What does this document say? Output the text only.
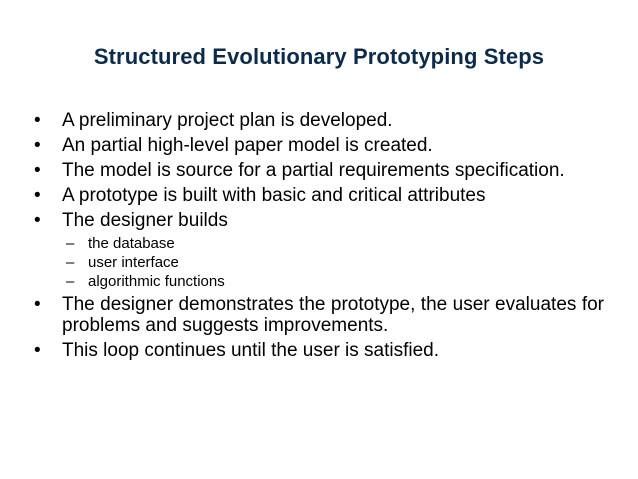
Structured Evolutionary Prototyping Steps
•	A preliminary project plan is developed.
•	An partial high-level paper model is created.
•	The model is source for a partial requirements specification.
•	A prototype is built with basic and critical attributes
•	The designer builds
– the database
– user interface
– algorithmic functions
•	The designer demonstrates the prototype, the user evaluates for problems and suggests improvements.
•	This loop continues until the user is satisfied.
